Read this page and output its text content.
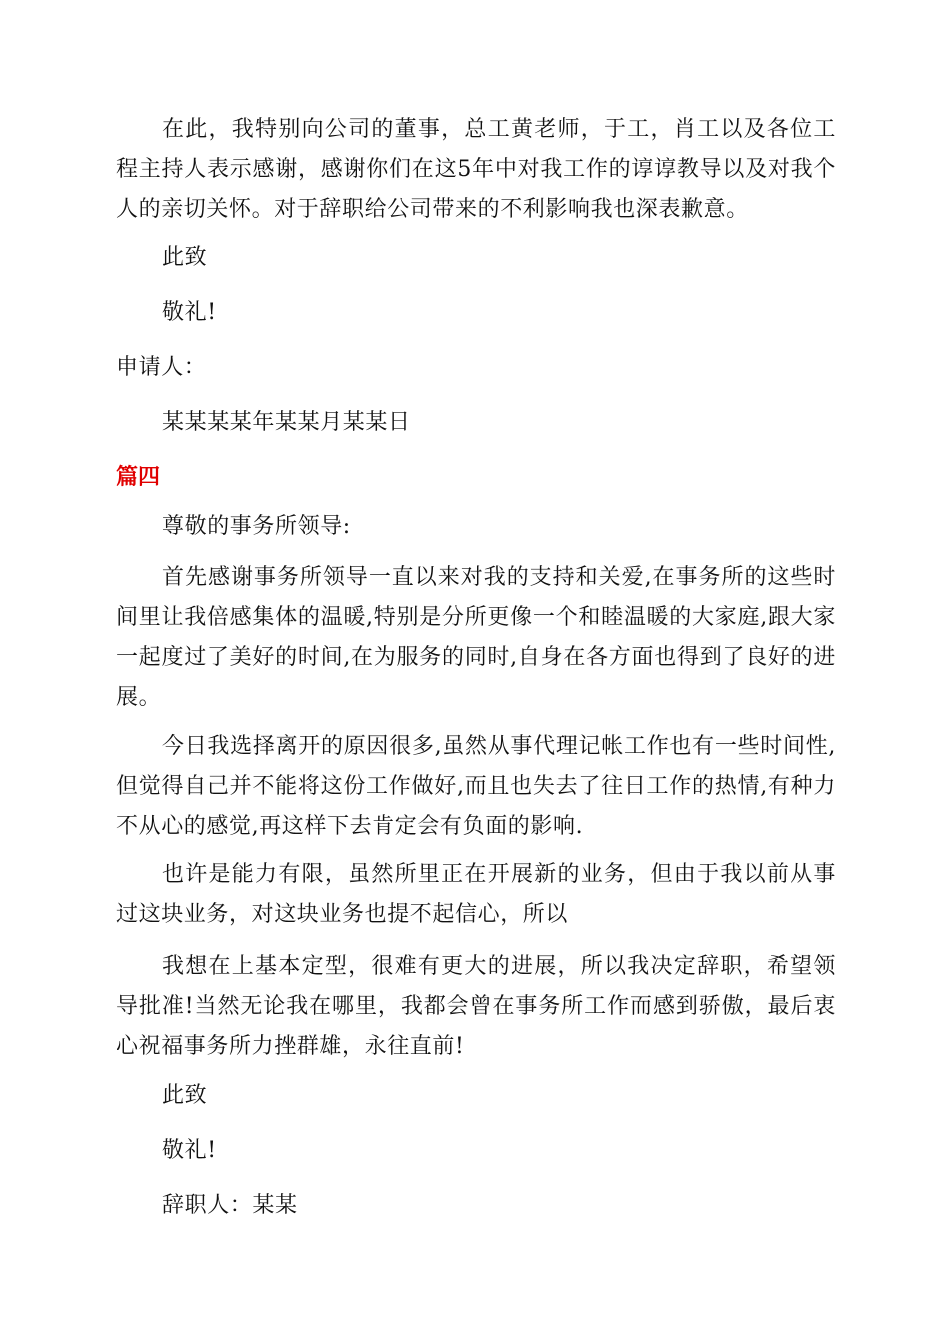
在此，我特别向公司的董事，总工黄老师，于工，肖工以及各位工程主持人表示感谢，感谢你们在这5年中对我工作的谆谆教导以及对我个人的亲切关怀。对于辞职给公司带来的不利影响我也深表歉意。

此致

敬礼!

申请人：

某某某某年某某月某某日

篇四

尊敬的事务所领导:

首先感谢事务所领导一直以来对我的支持和关爱,在事务所的这些时间里让我倍感集体的温暖,特别是分所更像一个和睦温暖的大家庭,跟大家一起度过了美好的时间,在为服务的同时,自身在各方面也得到了良好的进展。

今日我选择离开的原因很多,虽然从事代理记帐工作也有一些时间性,但觉得自己并不能将这份工作做好,而且也失去了往日工作的热情,有种力不从心的感觉,再这样下去肯定会有负面的影响.

也许是能力有限，虽然所里正在开展新的业务，但由于我以前从事过这块业务，对这块业务也提不起信心，所以

我想在上基本定型，很难有更大的进展，所以我决定辞职，希望领导批准!当然无论我在哪里，我都会曾在事务所工作而感到骄傲，最后衷心祝福事务所力挫群雄，永往直前!

此致

敬礼!

辞职人：某某
